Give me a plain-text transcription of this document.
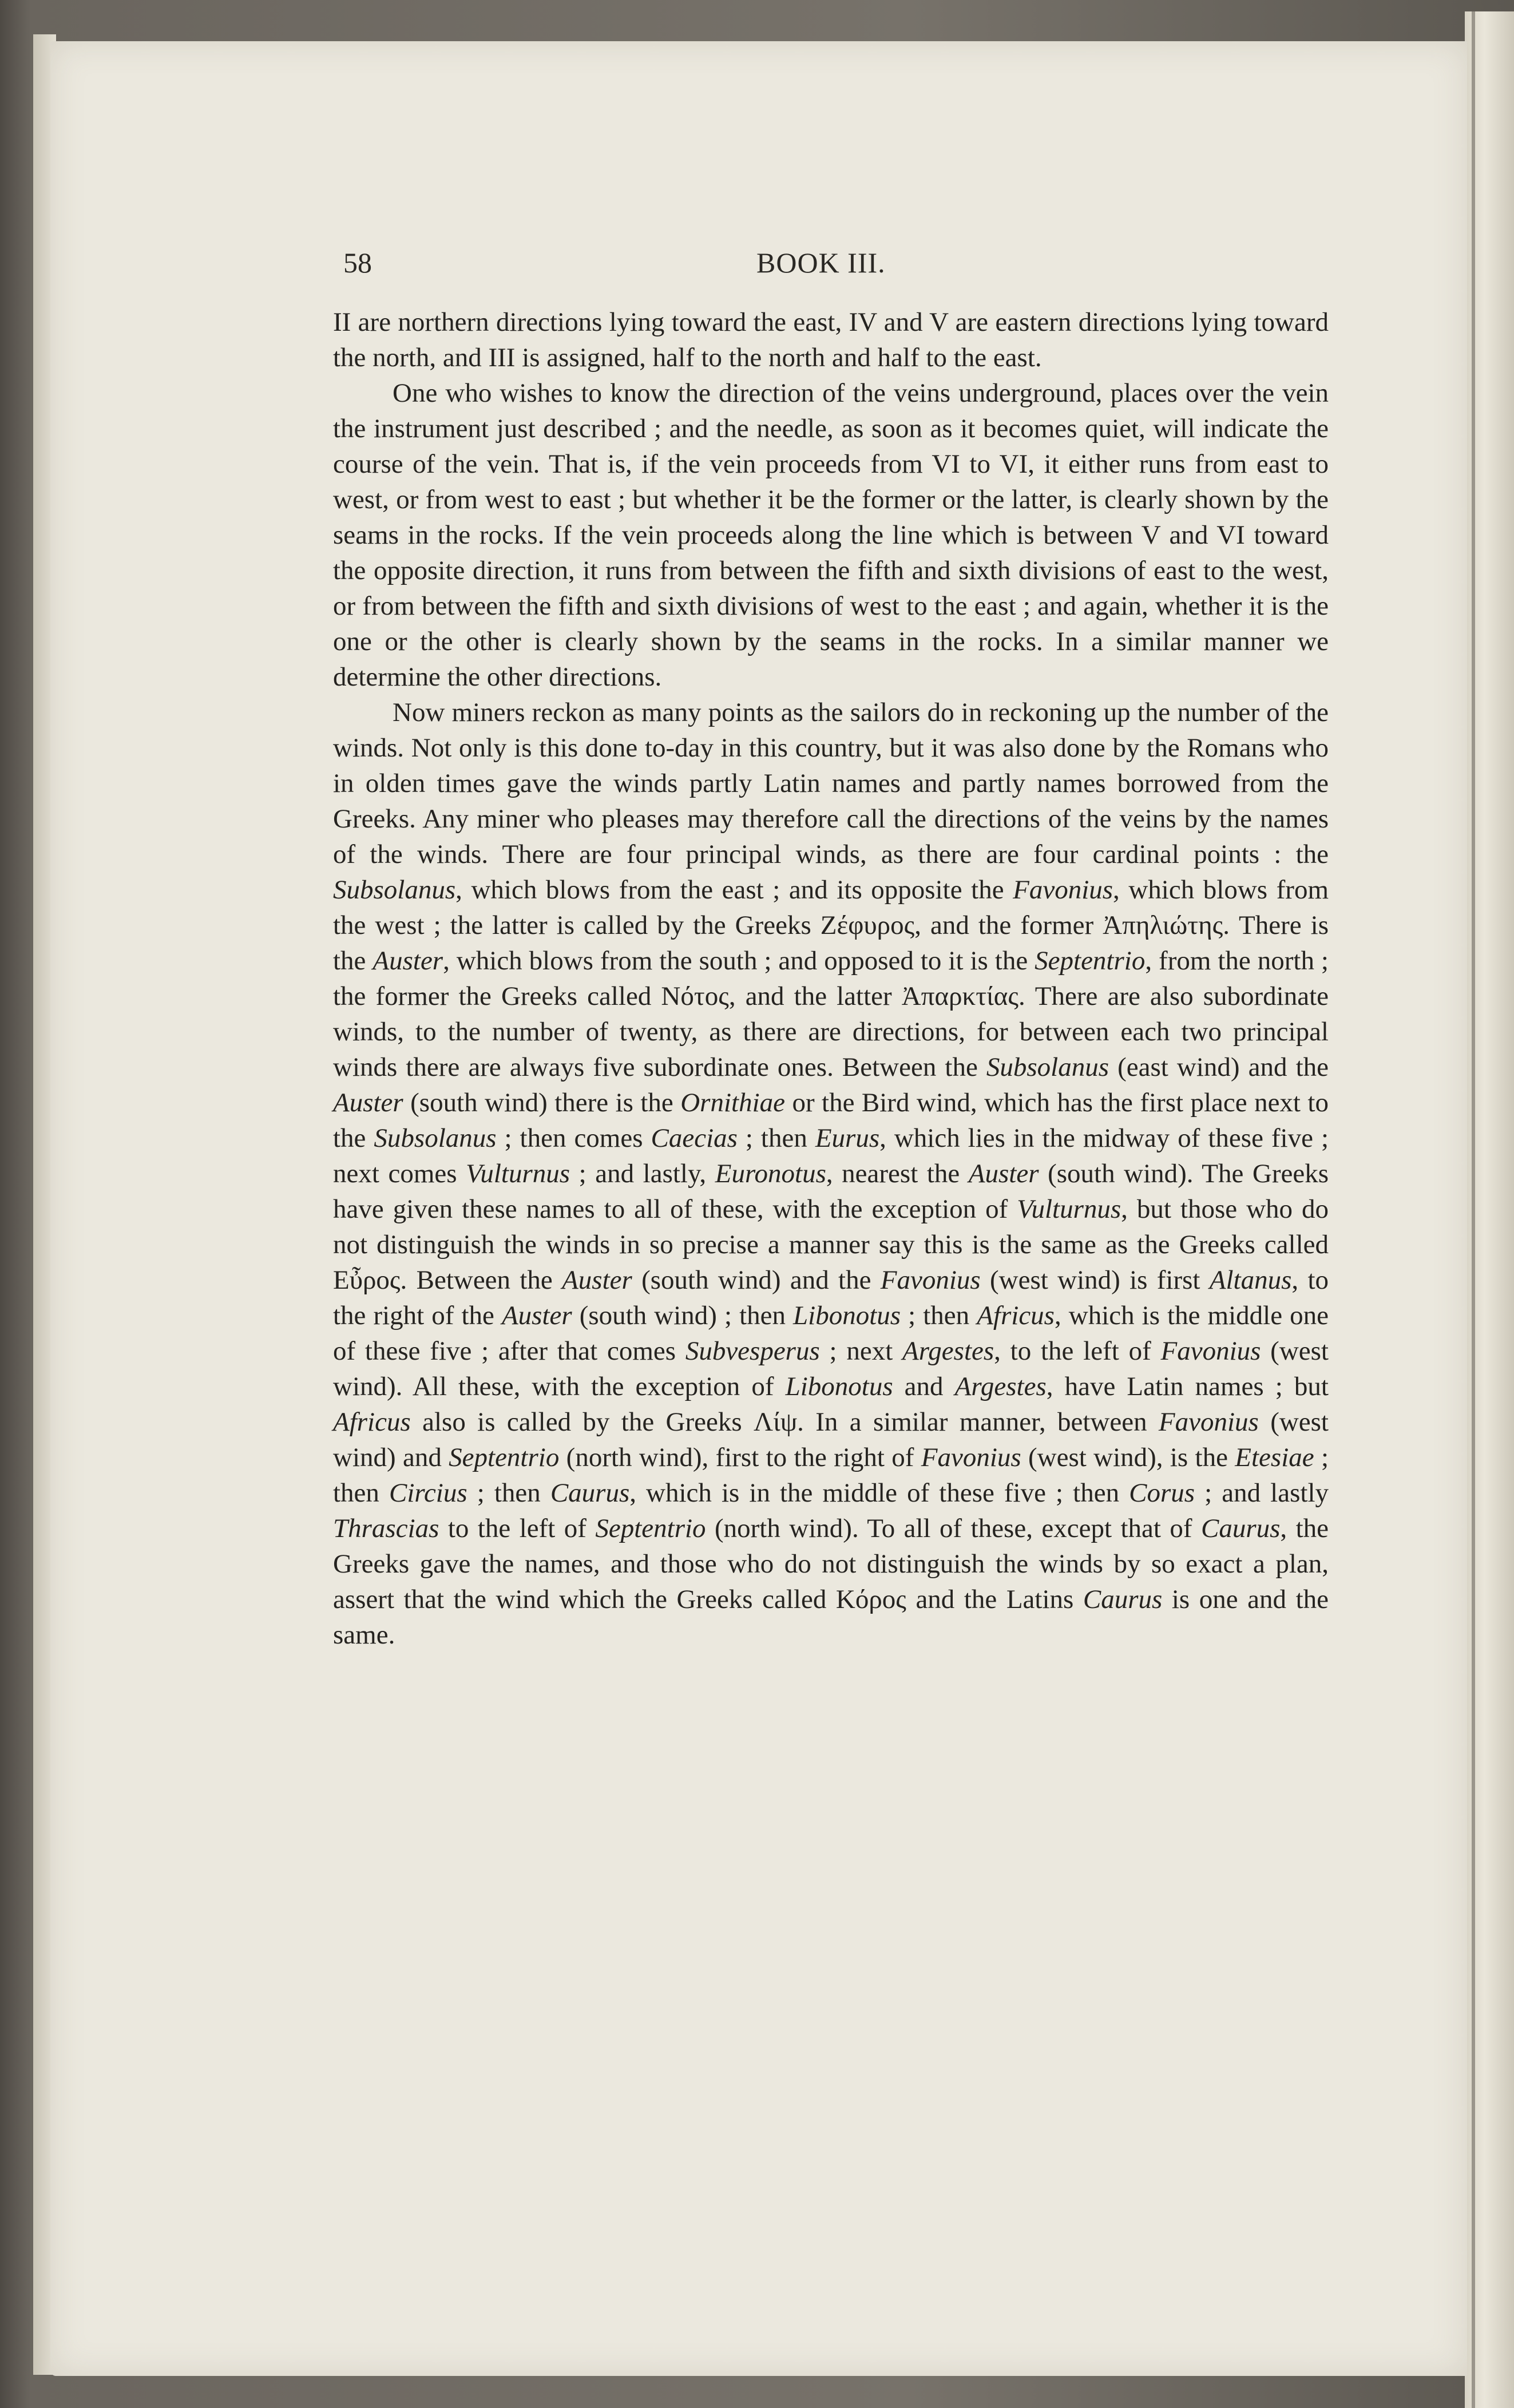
58	BOOK III.

II are northern directions lying toward the east, IV and V are eastern directions lying toward the north, and III is assigned, half to the north and half to the east.

One who wishes to know the direction of the veins underground, places over the vein the instrument just described ; and the needle, as soon as it becomes quiet, will indicate the course of the vein. That is, if the vein proceeds from VI to VI, it either runs from east to west, or from west to east ; but whether it be the former or the latter, is clearly shown by the seams in the rocks. If the vein proceeds along the line which is between V and VI toward the opposite direction, it runs from between the fifth and sixth divisions of east to the west, or from between the fifth and sixth divisions of west to the east ; and again, whether it is the one or the other is clearly shown by the seams in the rocks. In a similar manner we determine the other directions.

Now miners reckon as many points as the sailors do in reckoning up the number of the winds. Not only is this done to-day in this country, but it was also done by the Romans who in olden times gave the winds partly Latin names and partly names borrowed from the Greeks. Any miner who pleases may therefore call the directions of the veins by the names of the winds. There are four principal winds, as there are four cardinal points : the Subsolanus, which blows from the east ; and its opposite the Favonius, which blows from the west ; the latter is called by the Greeks Ζέφυρος, and the former Ἀπηλιώτης. There is the Auster, which blows from the south ; and opposed to it is the Septentrio, from the north ; the former the Greeks called Νότος, and the latter Ἀπαρκτίας. There are also subordinate winds, to the number of twenty, as there are directions, for between each two principal winds there are always five subordinate ones. Between the Subsolanus (east wind) and the Auster (south wind) there is the Ornithiae or the Bird wind, which has the first place next to the Subsolanus ; then comes Caecias ; then Eurus, which lies in the midway of these five ; next comes Vulturnus ; and lastly, Euronotus, nearest the Auster (south wind). The Greeks have given these names to all of these, with the exception of Vulturnus, but those who do not distinguish the winds in so precise a manner say this is the same as the Greeks called Εὖρος. Between the Auster (south wind) and the Favonius (west wind) is first Altanus, to the right of the Auster (south wind) ; then Libonotus ; then Africus, which is the middle one of these five ; after that comes Subvesperus ; next Argestes, to the left of Favonius (west wind). All these, with the exception of Libonotus and Argestes, have Latin names ; but Africus also is called by the Greeks Λίψ. In a similar manner, between Favonius (west wind) and Septentrio (north wind), first to the right of Favonius (west wind), is the Etesiae ; then Circius ; then Caurus, which is in the middle of these five ; then Corus ; and lastly Thrascias to the left of Septentrio (north wind). To all of these, except that of Caurus, the Greeks gave the names, and those who do not distinguish the winds by so exact a plan, assert that the wind which the Greeks called Κόρος and the Latins Caurus is one and the same.
